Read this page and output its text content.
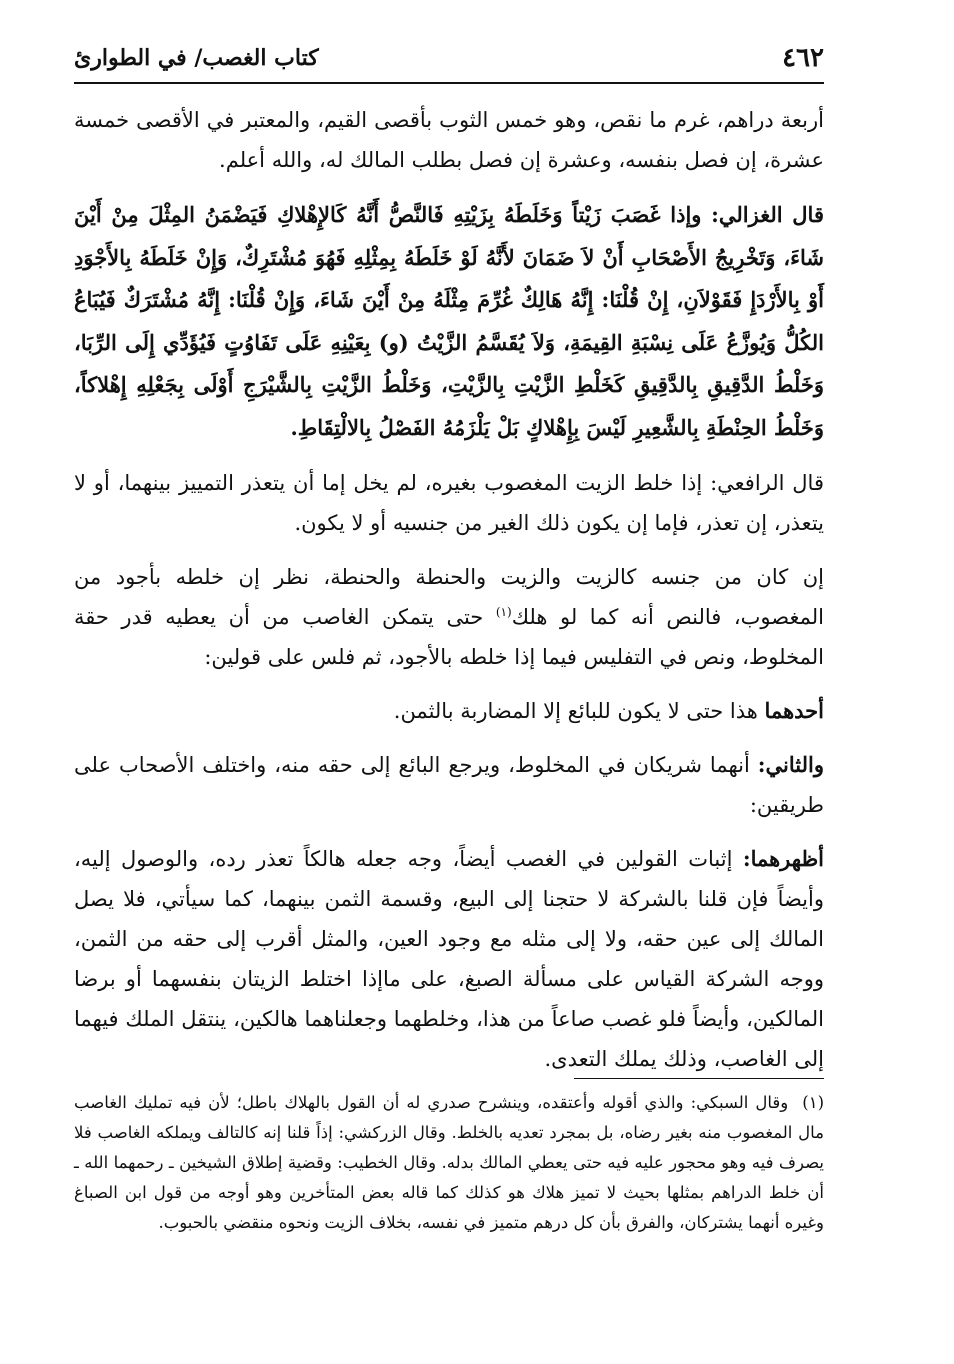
٤٦٢
كتاب الغصب/ في الطوارئ

أربعة دراهم، غرم ما نقص، وهو خمس الثوب بأقصى القيم، والمعتبر في الأقصى خمسة عشرة، إن فصل بنفسه، وعشرة إن فصل بطلب المالك له، والله أعلم.

قال الغزالي: وإذا غَصَبَ زَيْتاً وَخَلَطَهُ بِزَيْتِهِ فَالنَّصُّ أَنَّهُ كَالإِهْلاكِ فَيَضْمَنُ المِثْلَ مِنْ أَيْنَ شَاءَ، وَتَخْرِيجُ الأَصْحَابِ أَنْ لاَ ضَمَانَ لأَنَّهُ لَوْ خَلَطَهُ بِمِثْلِهِ فَهُوَ مُشْتَرِكٌ، وَإِنْ خَلَطَهُ بِالأَجْوَدِ أَوْ بِالأَرْدَإِ فَقَوْلاَنِ، إِنْ قُلْنَا: إِنَّهُ هَالِكٌ غُرِّمَ مِثْلَهُ مِنْ أَيْنَ شَاءَ، وَإِنْ قُلْنَا: إِنَّهُ مُشْتَرَكٌ فَيُبَاعُ الكُلُّ وَيُوزَّعُ عَلَى نِسْبَةِ القِيمَةِ، وَلاَ يُقَسَّمُ الزَّيْتُ (و) بِعَيْنِهِ عَلَى تَفَاوُتٍ فَيُؤَدِّي إِلَى الرِّبَا، وَخَلْطُ الدَّقِيقِ بِالدَّقِيقِ كَخَلْطِ الزَّيْتِ بِالزَّيْتِ، وَخَلْطُ الزَّيْتِ بِالشَّيْرَجِ أَوْلَى بِجَعْلِهِ إِهْلاكاً، وَخَلْطُ الحِنْطَةِ بِالشَّعِيرِ لَيْسَ بِإِهْلاكٍ بَلْ يَلْزَمُهُ الفَصْلُ بِالالْتِقَاطِ.

قال الرافعي: إذا خلط الزيت المغصوب بغيره، لم يخل إما أن يتعذر التمييز بينهما، أو لا يتعذر، إن تعذر، فإما إن يكون ذلك الغير من جنسيه أو لا يكون.

إن كان من جنسه كالزيت والزيت والحنطة والحنطة، نظر إن خلطه بأجود من المغصوب، فالنص أنه كما لو هلك$^{(١)}$ حتى يتمكن الغاصب من أن يعطيه قدر حقة المخلوط، ونص في التفليس فيما إذا خلطه بالأجود، ثم فلس على قولين:

أحدهما هذا حتى لا يكون للبائع إلا المضاربة بالثمن.

والثاني: أنهما شريكان في المخلوط، ويرجع البائع إلى حقه منه، واختلف الأصحاب على طريقين:

أظهرهما: إثبات القولين في الغصب أيضاً، وجه جعله هالكاً تعذر رده، والوصول إليه، وأيضاً فإن قلنا بالشركة لا حتجنا إلى البيع، وقسمة الثمن بينهما، كما سيأتي، فلا يصل المالك إلى عين حقه، ولا إلى مثله مع وجود العين، والمثل أقرب إلى حقه من الثمن، ووجه الشركة القياس على مسألة الصبغ، على ماإذا اختلط الزيتان بنفسهما أو برضا المالكين، وأيضاً فلو غصب صاعاً من هذا، وخلطهما وجعلناهما هالكين، ينتقل الملك فيهما إلى الغاصب، وذلك يملك التعدى.

(١)وقال السبكي: والذي أقوله وأعتقده، وينشرح صدري له أن القول بالهلاك باطل؛ لأن فيه تمليك الغاصب مال المغصوب منه بغير رضاه، بل بمجرد تعديه بالخلط. وقال الزركشي: إذاً قلنا إنه كالتالف ويملكه الغاصب فلا يصرف فيه وهو محجور عليه فيه حتى يعطي المالك بدله. وقال الخطيب: وقضية إطلاق الشيخين ـ رحمهما الله ـ أن خلط الدراهم بمثلها بحيث لا تميز هلاك هو كذلك كما قاله بعض المتأخرين وهو أوجه من قول ابن الصباغ وغيره أنهما يشتركان، والفرق بأن كل درهم متميز في نفسه، بخلاف الزيت ونحوه منقضي بالحبوب.
